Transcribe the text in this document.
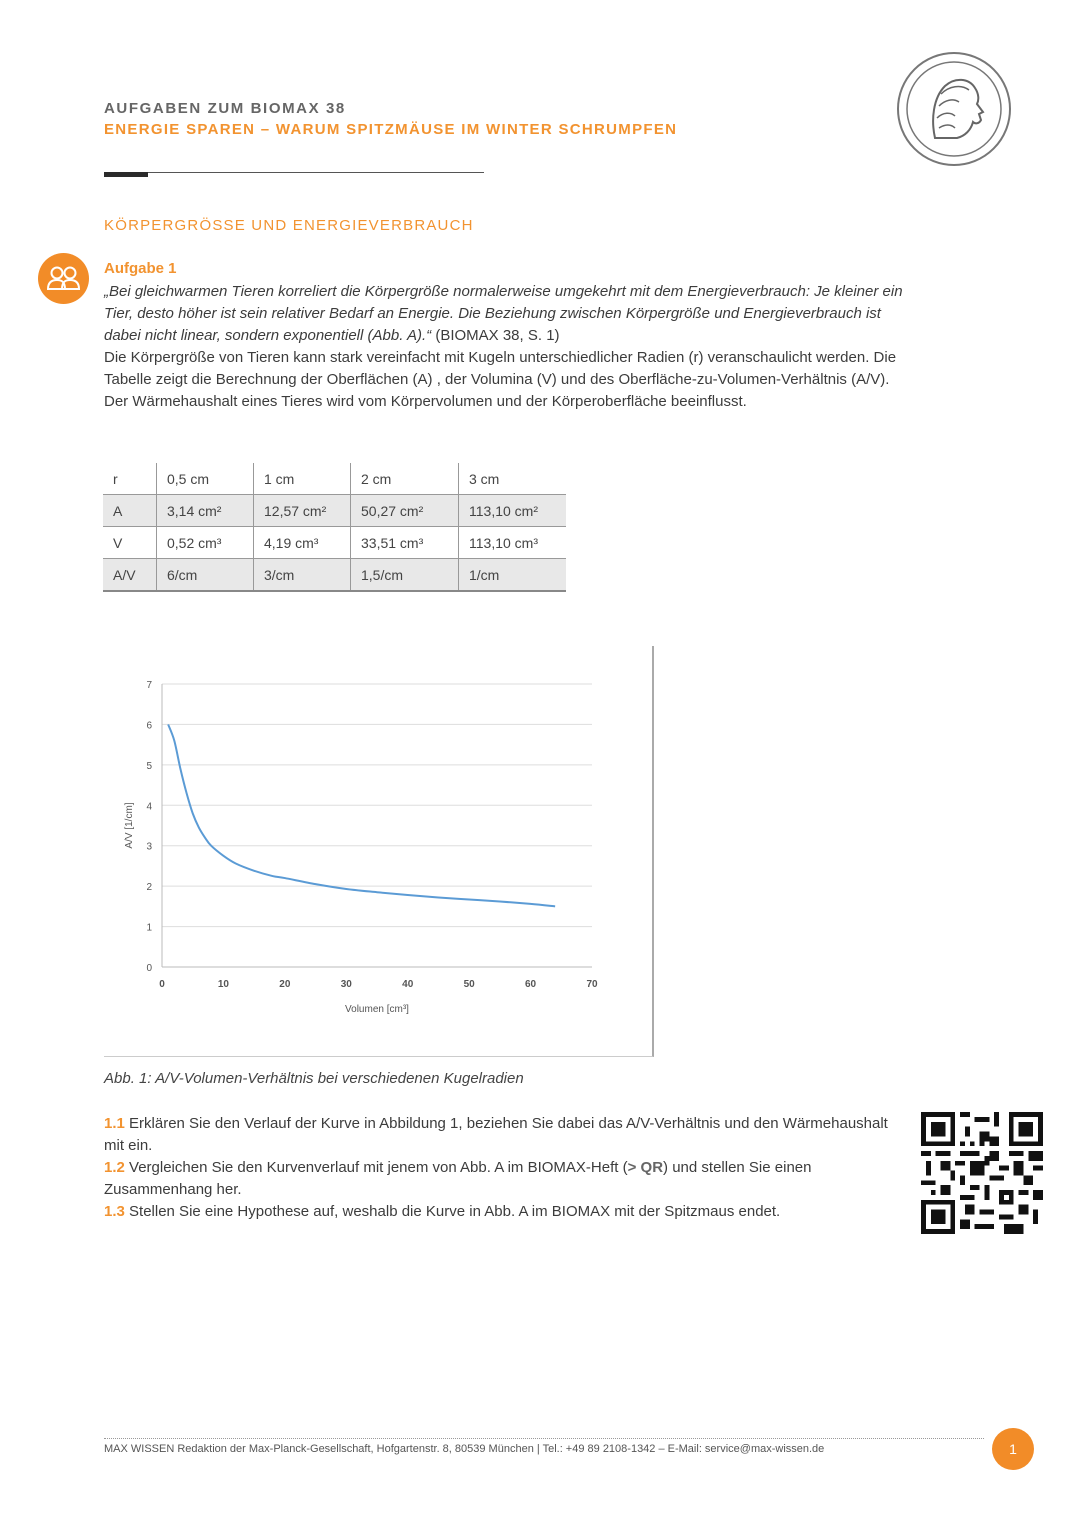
AUFGABEN ZUM BIOMAX 38
ENERGIE SPAREN – WARUM SPITZMÄUSE IM WINTER SCHRUMPFEN
KÖRPERGRÖSSE UND ENERGIEVERBRAUCH
Aufgabe 1
„Bei gleichwarmen Tieren korreliert die Körpergröße normalerweise umgekehrt mit dem Energieverbrauch: Je kleiner ein Tier, desto höher ist sein relativer Bedarf an Energie. Die Beziehung zwischen Körpergröße und Energieverbrauch ist dabei nicht linear, sondern exponentiell (Abb. A).“ (BIOMAX 38, S. 1)
Die Körpergröße von Tieren kann stark vereinfacht mit Kugeln unterschiedlicher Radien (r) veranschaulicht werden. Die Tabelle zeigt die Berechnung der Oberflächen (A) , der Volumina (V) und des Oberfläche-zu-Volumen-Verhältnis (A/V). Der Wärmehaushalt eines Tieres wird vom Körpervolumen und der Körperoberfläche beeinflusst.
r	0,5 cm	1 cm	2 cm	3 cm
A	3,14 cm²	12,57 cm²	50,27 cm²	113,10 cm²
V	0,52 cm³	4,19 cm³	33,51 cm³	113,10 cm³
A/V	6/cm	3/cm	1,5/cm	1/cm
0
1
2
3
4
5
6
7
0	10	20	30	40	50	60	70
Volumen [cm³]
A/V [1/cm]
Abb. 1: A/V-Volumen-Verhältnis bei verschiedenen Kugelradien
1.1 Erklären Sie den Verlauf der Kurve in Abbildung 1, beziehen Sie dabei das A/V-Verhältnis und den Wärmehaushalt mit ein.
1.2 Vergleichen Sie den Kurvenverlauf mit jenem von Abb. A im BIOMAX-Heft (> QR) und stellen Sie einen Zusammenhang her.
1.3 Stellen Sie eine Hypothese auf, weshalb die Kurve in Abb. A im BIOMAX mit der Spitzmaus endet.
MAX WISSEN Redaktion der Max-Planck-Gesellschaft, Hofgartenstr. 8, 80539 München | Tel.: +49 89 2108-1342 – E-Mail: service@max-wissen.de	1
